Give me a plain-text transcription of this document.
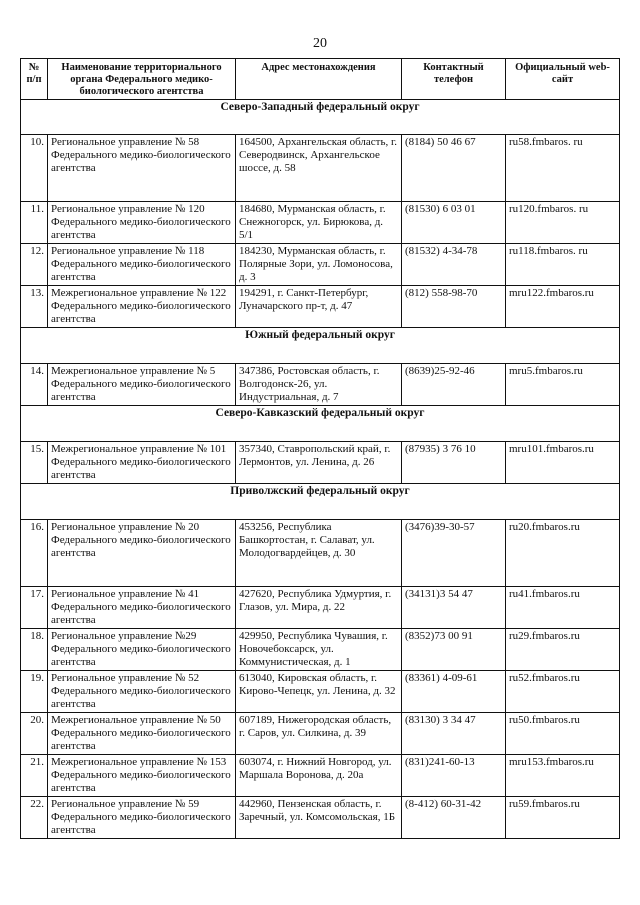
20
№ п/п	Наименование территориального органа Федерального медико-биологического агентства	Адрес местонахождения	Контактный телефон	Официальный web-сайт
Северо-Западный федеральный округ				
10.	Региональное управление № 58 Федерального медико-биологического агентства	164500, Архангельская область, г. Северодвинск, Архангельское шоссе, д. 58	(8184) 50 46 67	ru58.fmbaros. ru
11.	Региональное управление № 120 Федерального медико-биологического агентства	184680, Мурманская область, г. Снежногорск, ул. Бирюкова, д. 5/1	(81530) 6 03 01	ru120.fmbaros. ru
12.	Региональное управление № 118 Федерального медико-биологического агентства	184230, Мурманская область, г. Полярные Зори, ул. Ломоносова, д. 3	(81532) 4-34-78	ru118.fmbaros. ru
13.	Межрегиональное управление № 122 Федерального медико-биологического агентства	194291, г. Санкт-Петербург, Луначарского пр-т, д. 47	(812) 558-98-70	mru122.fmbaros.ru
Южный федеральный округ				
14.	Межрегиональное управление № 5 Федерального медико-биологического агентства	347386, Ростовская область, г. Волгодонск-26, ул. Индустриальная, д. 7	(8639)25-92-46	mru5.fmbaros.ru
Северо-Кавказский федеральный округ				
15.	Межрегиональное управление № 101 Федерального медико-биологического агентства	357340, Ставропольский край, г. Лермонтов, ул. Ленина, д. 26	(87935) 3 76 10	mru101.fmbaros.ru
Приволжский федеральный округ				
16.	Региональное управление № 20 Федерального медико-биологического агентства	453256, Республика Башкортостан, г. Салават, ул. Молодогвардейцев, д. 30	(3476)39-30-57	ru20.fmbaros.ru
17.	Региональное управление № 41 Федерального медико-биологического агентства	427620, Республика Удмуртия, г. Глазов, ул. Мира, д. 22	(34131)3 54 47	ru41.fmbaros.ru
18.	Региональное управление №29 Федерального медико-биологического агентства	429950, Республика Чувашия, г. Новочебоксарск, ул. Коммунистическая, д. 1	(8352)73 00 91	ru29.fmbaros.ru
19.	Региональное управление № 52 Федерального медико-биологического агентства	613040, Кировская область, г. Кирово-Чепецк, ул. Ленина, д. 32	(83361) 4-09-61	ru52.fmbaros.ru
20.	Межрегиональное управление № 50 Федерального медико-биологического агентства	607189, Нижегородская область, г. Саров, ул. Силкина, д. 39	(83130) 3 34 47	ru50.fmbaros.ru
21.	Межрегиональное управление № 153 Федерального медико-биологического агентства	603074, г. Нижний Новгород, ул. Маршала Воронова, д. 20а	(831)241-60-13	mru153.fmbaros.ru
22.	Региональное управление № 59 Федерального медико-биологического агентства	442960, Пензенская область, г. Заречный, ул. Комсомольская, 1Б	(8-412) 60-31-42	ru59.fmbaros.ru
